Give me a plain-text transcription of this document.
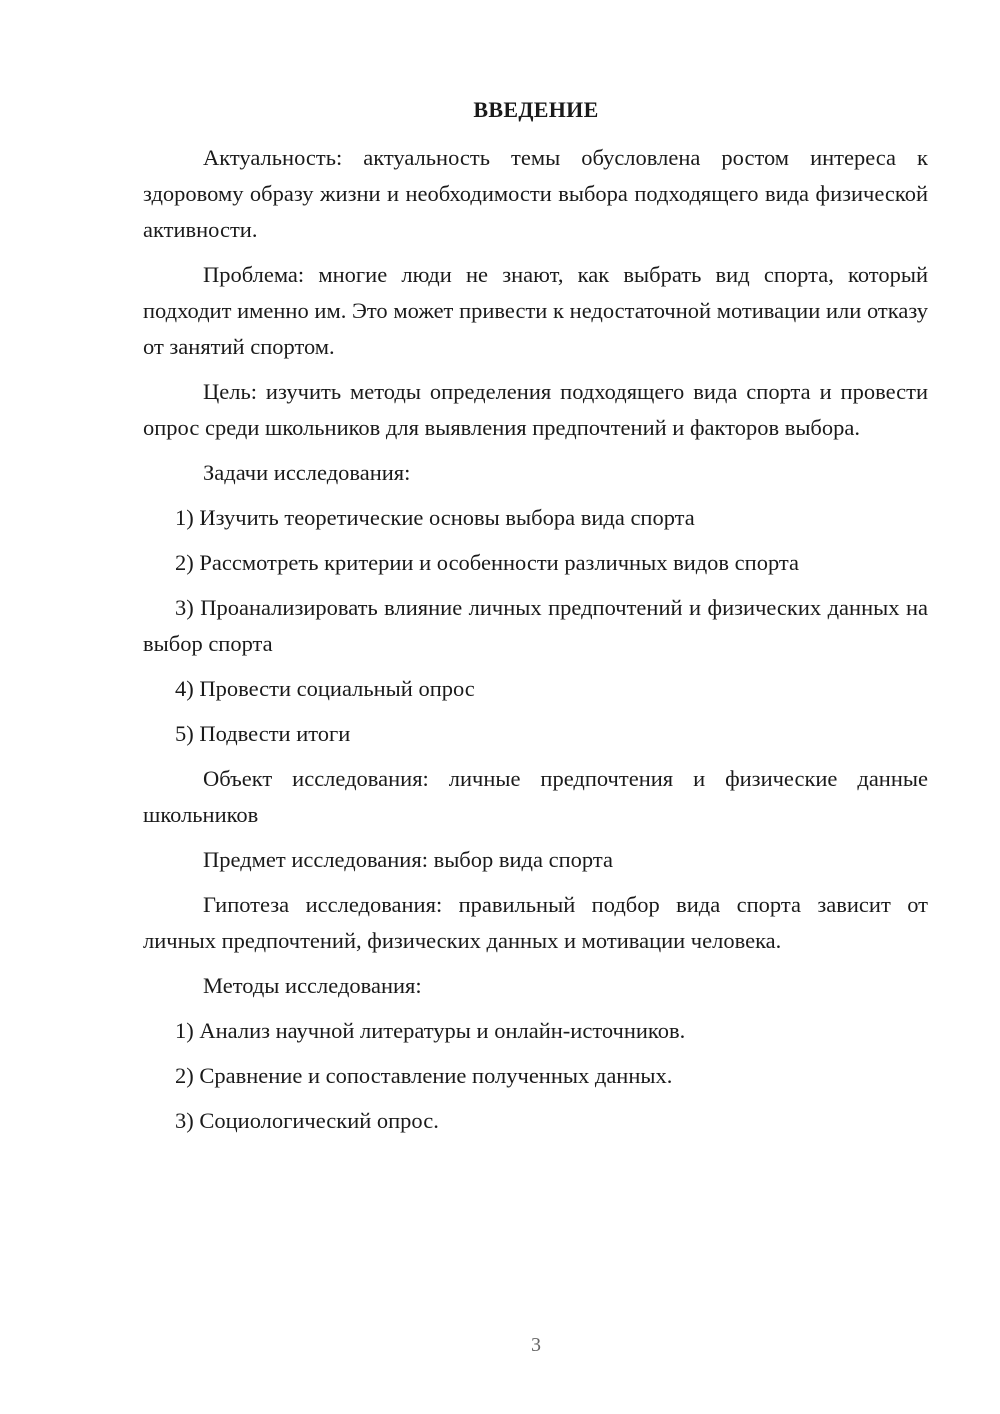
ВВЕДЕНИЕ

Актуальность: актуальность темы обусловлена ростом интереса к здоровому образу жизни и необходимости выбора подходящего вида физической активности.

Проблема: многие люди не знают, как выбрать вид спорта, который подходит именно им. Это может привести к недостаточной мотивации или отказу от занятий спортом.

Цель: изучить методы определения подходящего вида спорта и провести опрос среди школьников для выявления предпочтений и факторов выбора.

Задачи исследования:

1) Изучить теоретические основы выбора вида спорта

2) Рассмотреть критерии и особенности различных видов спорта

3) Проанализировать влияние личных предпочтений и физических данных на выбор спорта

4) Провести социальный опрос

5) Подвести итоги

Объект исследования: личные предпочтения и физические данные школьников

Предмет исследования: выбор вида спорта

Гипотеза исследования: правильный подбор вида спорта зависит от личных предпочтений, физических данных и мотивации человека.

Методы исследования:

1) Анализ научной литературы и онлайн-источников.

2) Сравнение и сопоставление полученных данных.

3) Социологический опрос.

3
